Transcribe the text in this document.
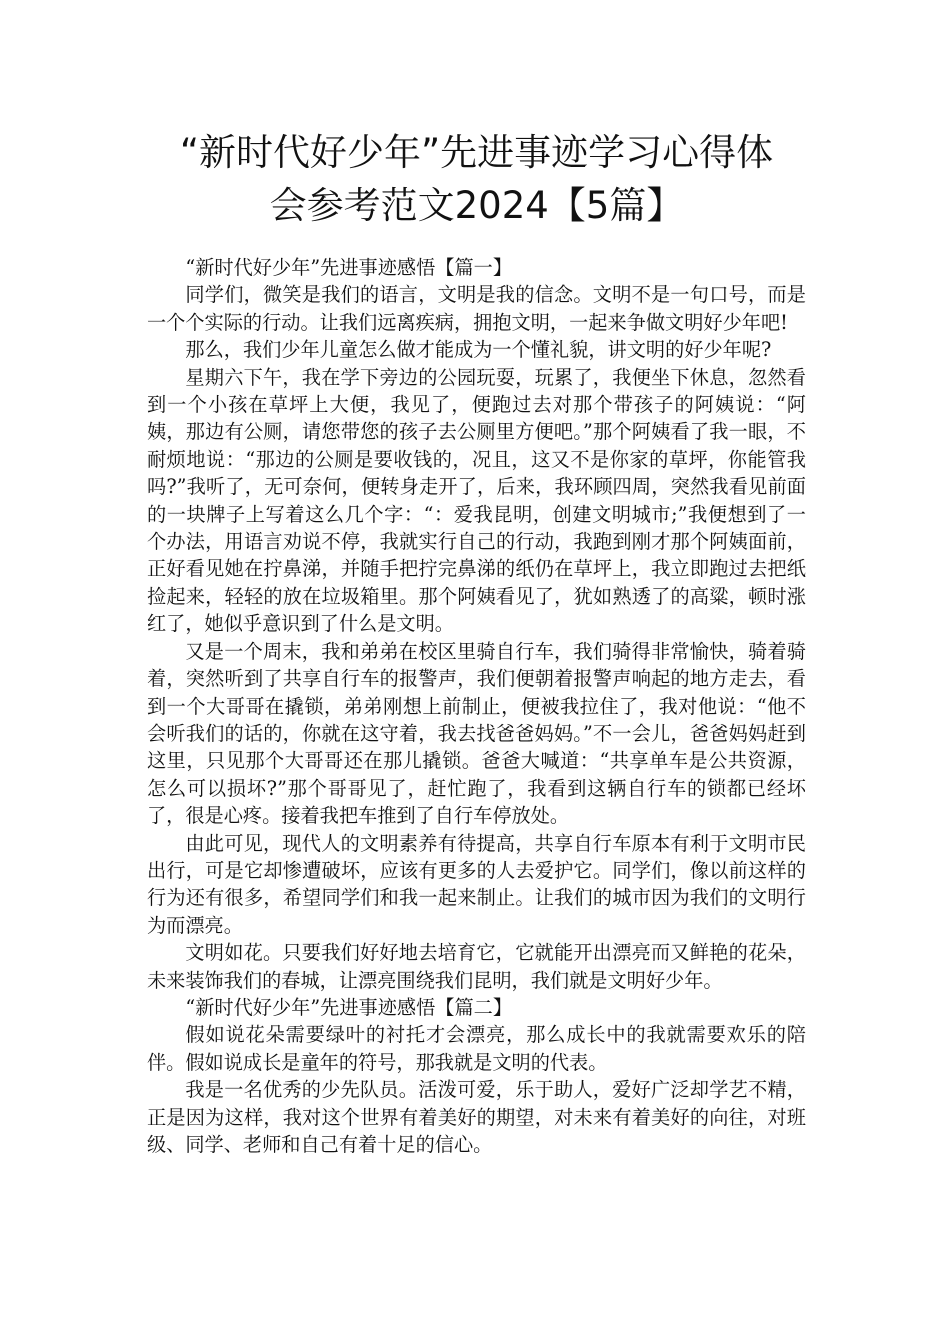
“新时代好少年”先进事迹学习心得体
会参考范文2024【5篇】

“新时代好少年”先进事迹感悟【篇一】

同学们，微笑是我们的语言，文明是我的信念。文明不是一句口号，而是一个个实际的行动。让我们远离疾病，拥抱文明，一起来争做文明好少年吧!

那么，我们少年儿童怎么做才能成为一个懂礼貌，讲文明的好少年呢?

星期六下午，我在学下旁边的公园玩耍，玩累了，我便坐下休息，忽然看到一个小孩在草坪上大便，我见了，便跑过去对那个带孩子的阿姨说：“阿姨，那边有公厕，请您带您的孩子去公厕里方便吧。”那个阿姨看了我一眼，不耐烦地说：“那边的公厕是要收钱的，况且，这又不是你家的草坪，你能管我吗?”我听了，无可奈何，便转身走开了，后来，我环顾四周，突然我看见前面的一块牌子上写着这么几个字：“：爱我昆明，创建文明城市;”我便想到了一个办法，用语言劝说不停，我就实行自己的行动，我跑到刚才那个阿姨面前，正好看见她在拧鼻涕，并随手把拧完鼻涕的纸仍在草坪上，我立即跑过去把纸捡起来，轻轻的放在垃圾箱里。那个阿姨看见了，犹如熟透了的高粱，顿时涨红了，她似乎意识到了什么是文明。

又是一个周末，我和弟弟在校区里骑自行车，我们骑得非常愉快，骑着骑着，突然听到了共享自行车的报警声，我们便朝着报警声响起的地方走去，看到一个大哥哥在撬锁，弟弟刚想上前制止，便被我拉住了，我对他说：“他不会听我们的话的，你就在这守着，我去找爸爸妈妈。”不一会儿，爸爸妈妈赶到这里，只见那个大哥哥还在那儿撬锁。爸爸大喊道：“共享单车是公共资源，怎么可以损坏?”那个哥哥见了，赶忙跑了，我看到这辆自行车的锁都已经坏了，很是心疼。接着我把车推到了自行车停放处。

由此可见，现代人的文明素养有待提高，共享自行车原本有利于文明市民出行，可是它却惨遭破坏，应该有更多的人去爱护它。同学们，像以前这样的行为还有很多，希望同学们和我一起来制止。让我们的城市因为我们的文明行为而漂亮。

文明如花。只要我们好好地去培育它，它就能开出漂亮而又鲜艳的花朵，未来装饰我们的春城，让漂亮围绕我们昆明，我们就是文明好少年。

“新时代好少年”先进事迹感悟【篇二】

假如说花朵需要绿叶的衬托才会漂亮，那么成长中的我就需要欢乐的陪伴。假如说成长是童年的符号，那我就是文明的代表。

我是一名优秀的少先队员。活泼可爱，乐于助人，爱好广泛却学艺不精，正是因为这样，我对这个世界有着美好的期望，对未来有着美好的向往，对班级、同学、老师和自己有着十足的信心。
